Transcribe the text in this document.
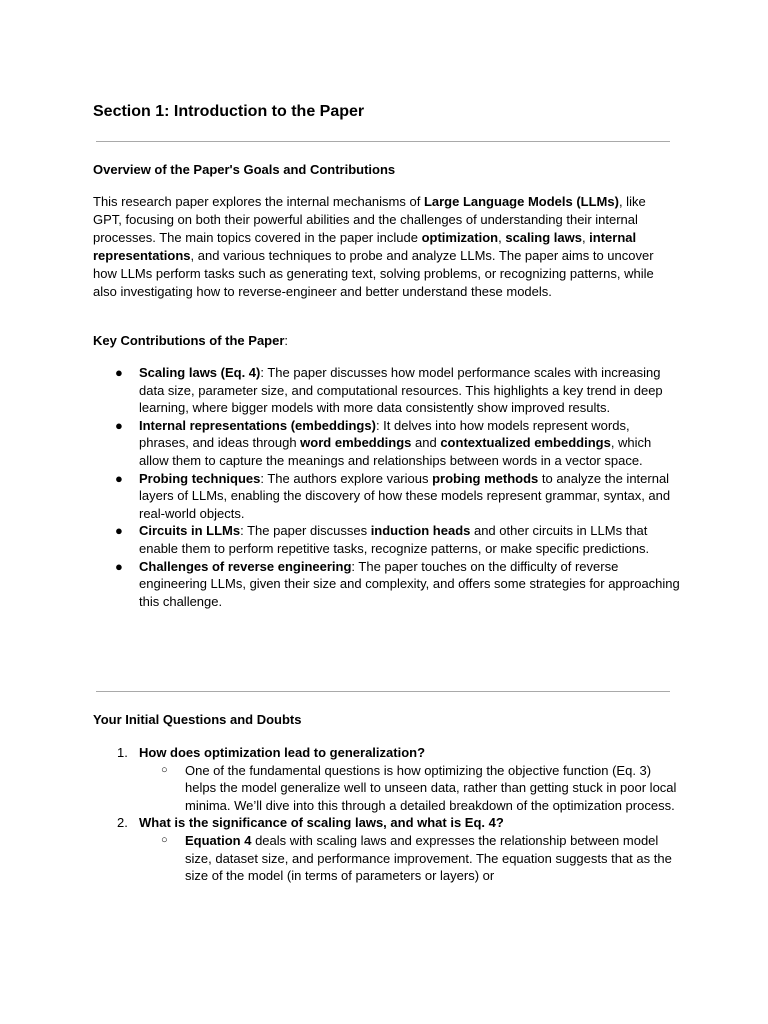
Section 1: Introduction to the Paper
Overview of the Paper's Goals and Contributions

This research paper explores the internal mechanisms of Large Language Models (LLMs), like GPT, focusing on both their powerful abilities and the challenges of understanding their internal processes. The main topics covered in the paper include optimization, scaling laws, internal representations, and various techniques to probe and analyze LLMs. The paper aims to uncover how LLMs perform tasks such as generating text, solving problems, or recognizing patterns, while also investigating how to reverse-engineer and better understand these models.

Key Contributions of the Paper:

● Scaling laws (Eq. 4): The paper discusses how model performance scales with increasing data size, parameter size, and computational resources. This highlights a key trend in deep learning, where bigger models with more data consistently show improved results.
● Internal representations (embeddings): It delves into how models represent words, phrases, and ideas through word embeddings and contextualized embeddings, which allow them to capture the meanings and relationships between words in a vector space.
● Probing techniques: The authors explore various probing methods to analyze the internal layers of LLMs, enabling the discovery of how these models represent grammar, syntax, and real-world objects.
● Circuits in LLMs: The paper discusses induction heads and other circuits in LLMs that enable them to perform repetitive tasks, recognize patterns, or make specific predictions.
● Challenges of reverse engineering: The paper touches on the difficulty of reverse engineering LLMs, given their size and complexity, and offers some strategies for approaching this challenge.
Your Initial Questions and Doubts
1. How does optimization lead to generalization?
○ One of the fundamental questions is how optimizing the objective function (Eq. 3) helps the model generalize well to unseen data, rather than getting stuck in poor local minima. We’ll dive into this through a detailed breakdown of the optimization process.
2. What is the significance of scaling laws, and what is Eq. 4?
○ Equation 4 deals with scaling laws and expresses the relationship between model size, dataset size, and performance improvement. The equation suggests that as the size of the model (in terms of parameters or layers) or
